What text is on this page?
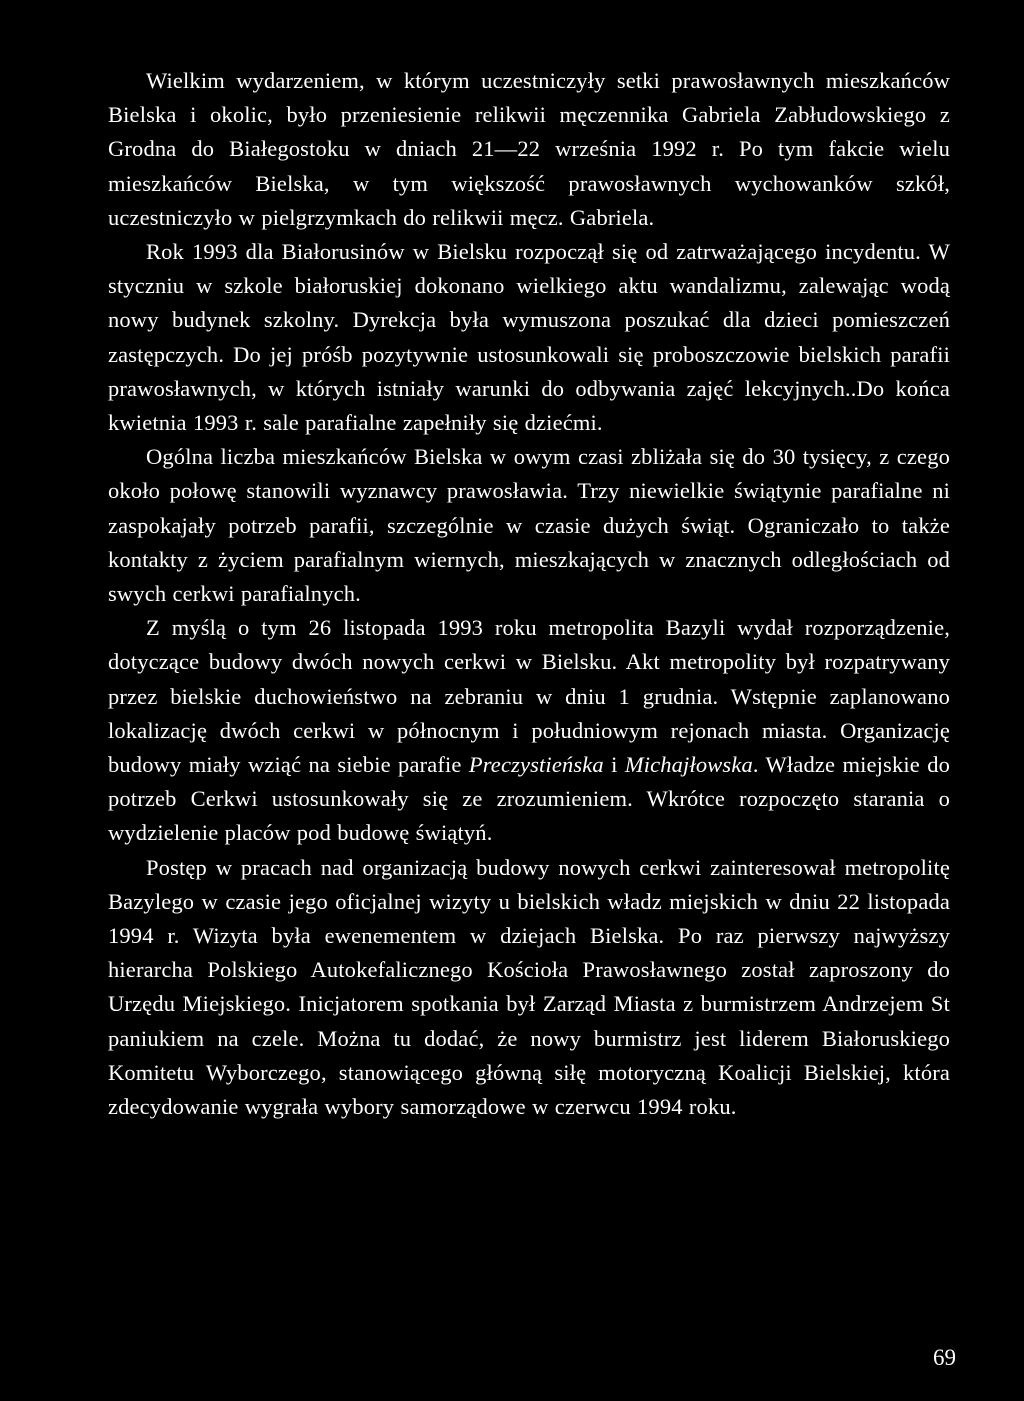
Wielkim wydarzeniem, w którym uczestniczyły setki prawosławnych mieszkańców Bielska i okolic, było przeniesienie relikwii męczennika Gabriela Zabłudowskiego z Grodna do Białegostoku w dniach 21—22 września 1992 r. Po tym fakcie wielu mieszkańców Bielska, w tym większość prawosławnych wychowanków szkół, uczestniczyło w pielgrzymkach do relikwii męcz. Gabriela.

Rok 1993 dla Białorusinów w Bielsku rozpoczął się od zatrważającego incydentu. W styczniu w szkole białoruskiej dokonano wielkiego aktu wandalizmu, zalewając wodą nowy budynek szkolny. Dyrekcja była wymuszona poszukać dla dzieci pomieszczeń zastępczych. Do jej próśb pozytywnie ustosunkowali się proboszczowie bielskich parafii prawosławnych, w których istniały warunki do odbywania zajęć lekcyjnych..Do końca kwietnia 1993 r. sale parafialne zapełniły się dziećmi.

Ogólna liczba mieszkańców Bielska w owym czasi zbliżała się do 30 tysięcy, z czego około połowę stanowili wyznawcy prawosławia. Trzy niewielkie świątynie parafialne ni zaspokajały potrzeb parafii, szczególnie w czasie dużych świąt. Ograniczało to także kontakty z życiem parafialnym wiernych, mieszkających w znacznych odległościach od swych cerkwi parafialnych.

Z myślą o tym 26 listopada 1993 roku metropolita Bazyli wydał rozporządzenie, dotyczące budowy dwóch nowych cerkwi w Bielsku. Akt metropolity był rozpatrywany przez bielskie duchowieństwo na zebraniu w dniu 1 grudnia. Wstępnie zaplanowano lokalizację dwóch cerkwi w północnym i południowym rejonach miasta. Organizację budowy miały wziąć na siebie parafie Preczystieńska i Michajłowska. Władze miejskie do potrzeb Cerkwi ustosunkowały się ze zrozumieniem. Wkrótce rozpoczęto starania o wydzielenie placów pod budowę świątyń.

Postęp w pracach nad organizacją budowy nowych cerkwi zainteresował metropolitę Bazylego w czasie jego oficjalnej wizyty u bielskich władz miejskich w dniu 22 listopada 1994 r. Wizyta była ewenementem w dziejach Bielska. Po raz pierwszy najwyższy hierarcha Polskiego Autokefalicznego Kościoła Prawosławnego został zaproszony do Urzędu Miejskiego. Inicjatorem spotkania był Zarząd Miasta z burmistrzem Andrzejem St paniukiem na czele. Można tu dodać, że nowy burmistrz jest liderem Białoruskiego Komitetu Wyborczego, stanowiącego główną siłę motoryczną Koalicji Bielskiej, która zdecydowanie wygrała wybory samorządowe w czerwcu 1994 roku.

69
